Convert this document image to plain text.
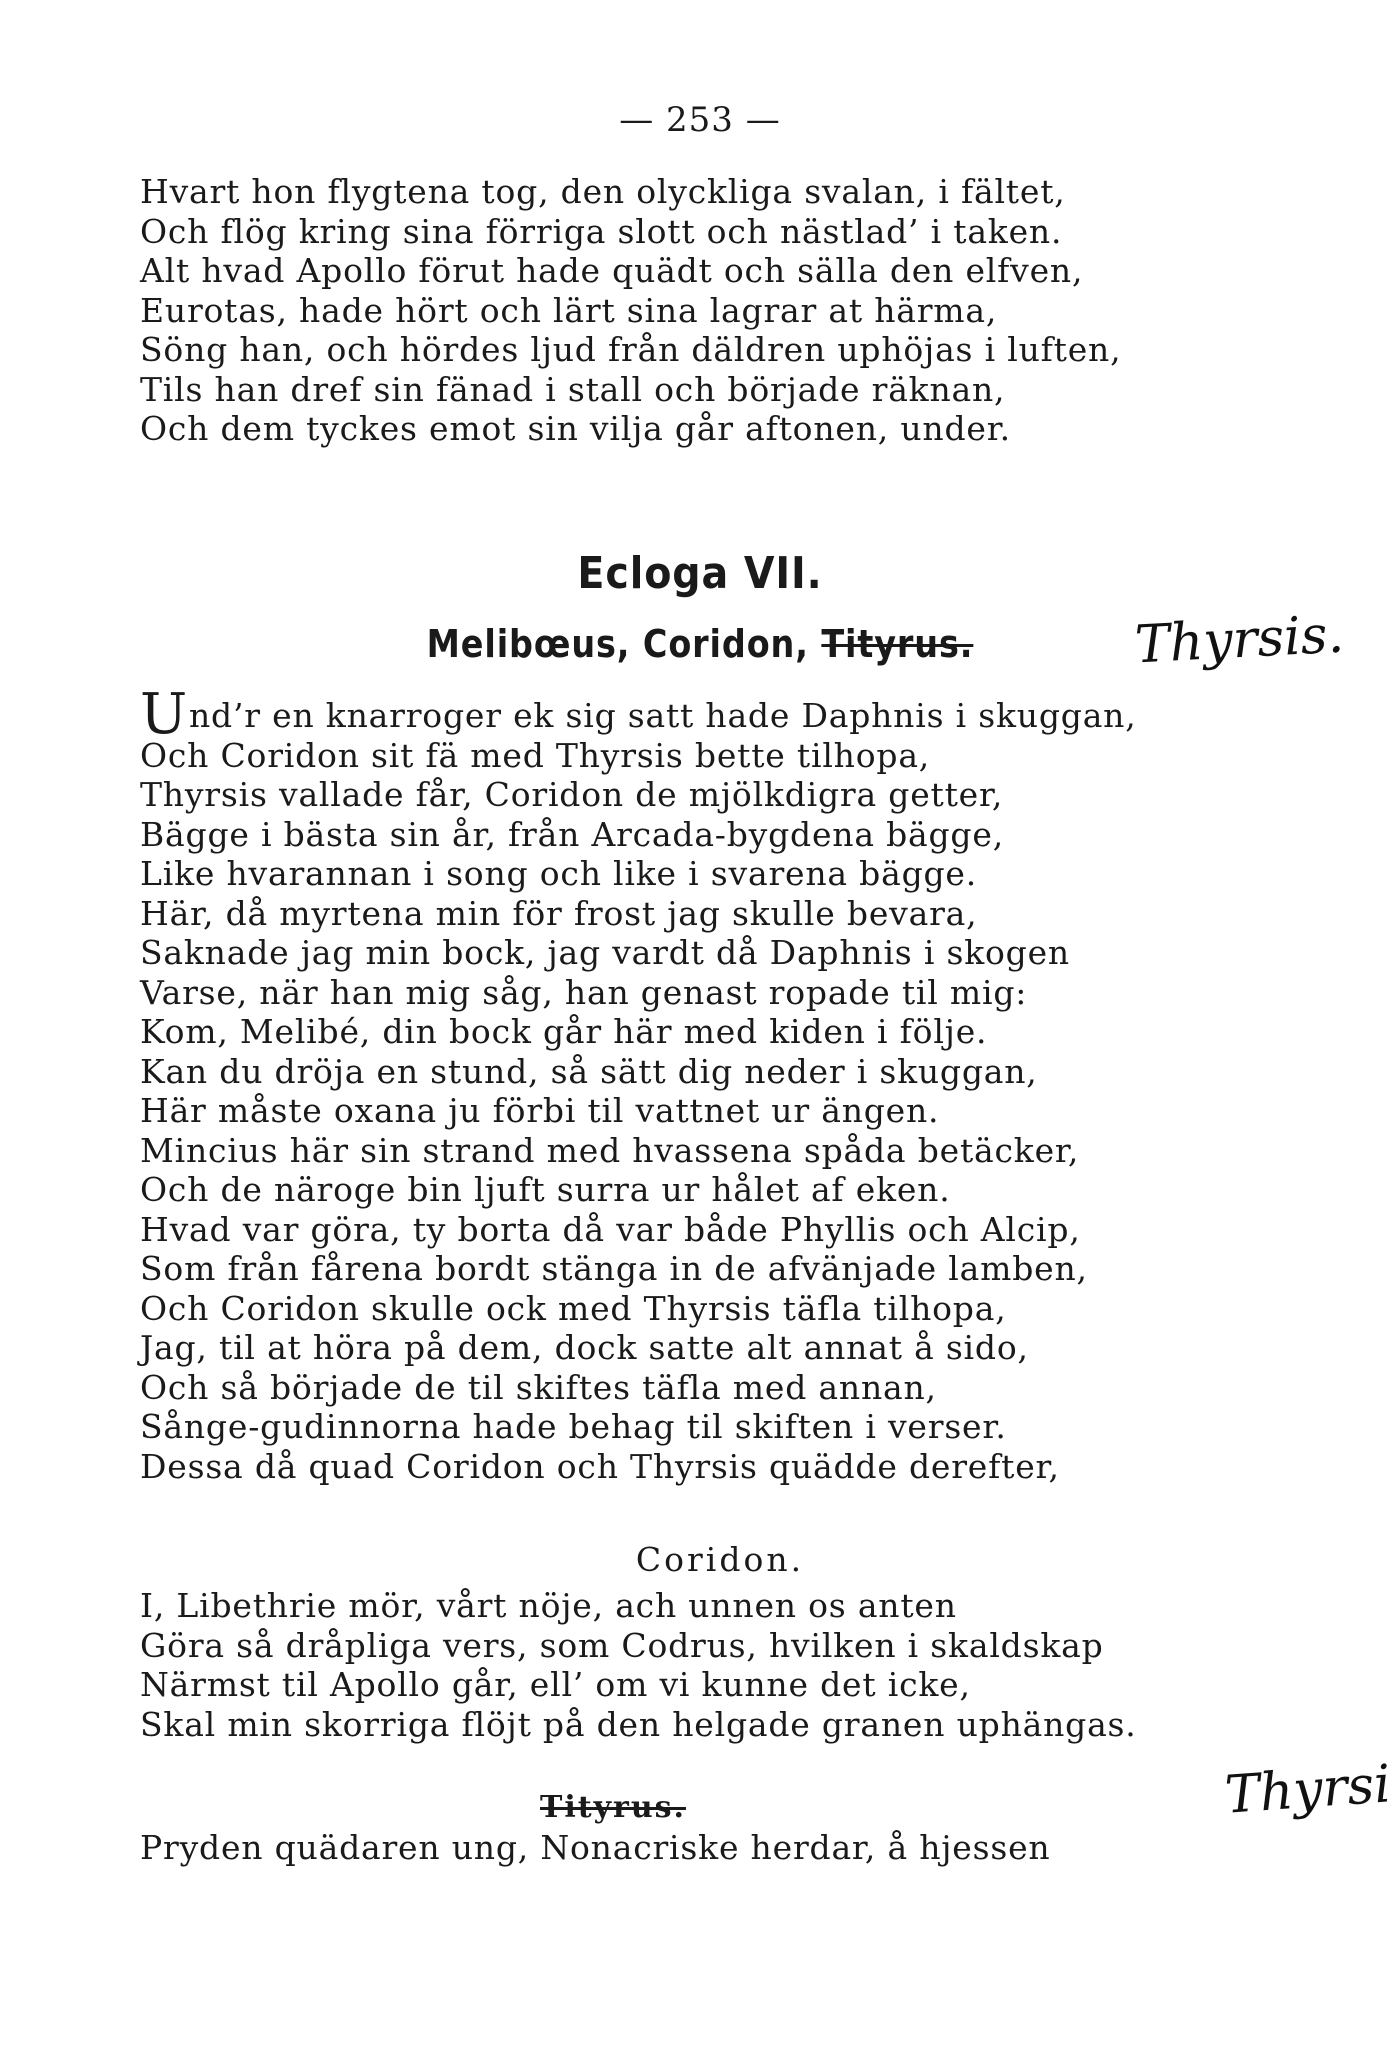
— 253 —
Hvart hon flygtena tog, den olyckliga svalan, i fältet,
Och flög kring sina förriga slott och nästlad’ i taken.
Alt hvad Apollo förut hade quädt och sälla den elfven,
Eurotas, hade hört och lärt sina lagrar at härma,
Söng han, och hördes ljud från däldren uphöjas i luften,
Tils han dref sin fänad i stall och började räknan,
Och dem tyckes emot sin vilja går aftonen, under.
Ecloga VII.
Melibœus, Coridon, Tityrus.	Thyrsis.
Und’r en knarroger ek sig satt hade Daphnis i skuggan,
Och Coridon sit fä med Thyrsis bette tilhopa,
Thyrsis vallade får, Coridon de mjölkdigra getter,
Bägge i bästa sin år, från Arcada-bygdena bägge,
Like hvarannan i song och like i svarena bägge.
Här, då myrtena min för frost jag skulle bevara,
Saknade jag min bock, jag vardt då Daphnis i skogen
Varse, när han mig såg, han genast ropade til mig:
Kom, Melibé, din bock går här med kiden i följe.
Kan du dröja en stund, så sätt dig neder i skuggan,
Här måste oxana ju förbi til vattnet ur ängen.
Mincius här sin strand med hvassena spåda betäcker,
Och de näroge bin ljuft surra ur hålet af eken.
Hvad var göra, ty borta då var både Phyllis och Alcip,
Som från fårena bordt stänga in de afvänjade lamben,
Och Coridon skulle ock med Thyrsis täfla tilhopa,
Jag, til at höra på dem, dock satte alt annat å sido,
Och så började de til skiftes täfla med annan,
Sånge-gudinnorna hade behag til skiften i verser.
Dessa då quad Coridon och Thyrsis quädde derefter,
Coridon.
I, Libethrie mör, vårt nöje, ach unnen os anten
Göra så dråpliga vers, som Codrus, hvilken i skaldskap
Närmst til Apollo går, ell’ om vi kunne det icke,
Skal min skorriga flöjt på den helgade granen uphängas.
Thyrsi
Tityrus.
Pryden quädaren ung, Nonacriske herdar, å hjessen
